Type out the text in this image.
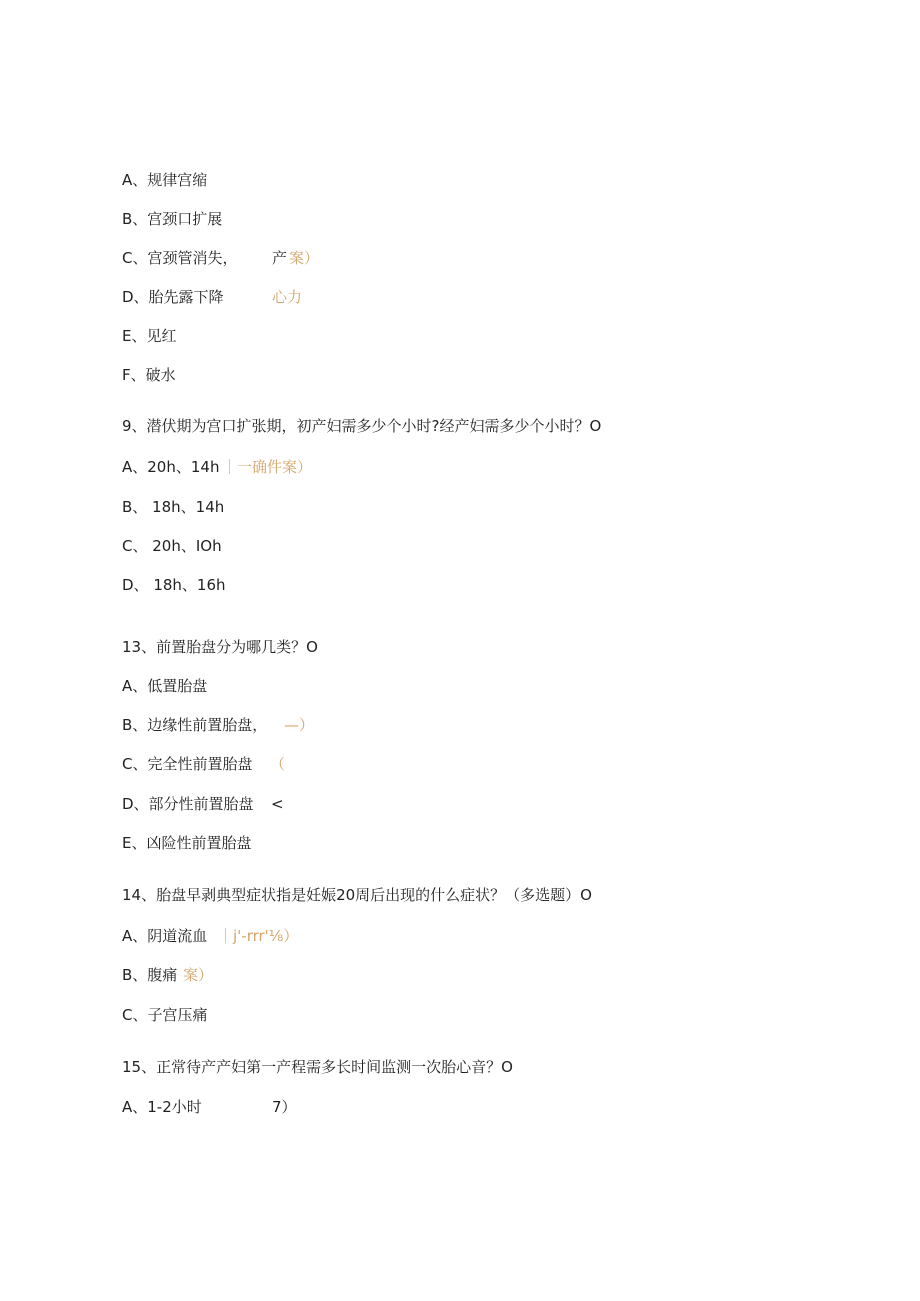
A、规律宫缩
B、宫颈口扩展
C、宫颈管消失， 产 案）
D、胎先露下降	心力
E、见红
F、破水
9、潜伏期为宫口扩张期，初产妇需多少个小时?经产妇需多少个小时？O
A、20h、14h ｜一确件案）
B、 18h、14h
C、 20h、IOh
D、 18h、16h
13、前置胎盘分为哪几类？O
A、低置胎盘
B、边缘性前置胎盘， —）
C、完全性前置胎盘 （
D、部分性前置胎盘 <
E、凶险性前置胎盘
14、胎盘早剥典型症状指是妊娠20周后出现的什么症状？（多选题）O
A、阴道流血 ｜j'-rrr'⅛）
B、腹痛 案）
C、子宫压痛
15、正常待产产妇第一产程需多长时间监测一次胎心音？O
A、1-2小时	7）
